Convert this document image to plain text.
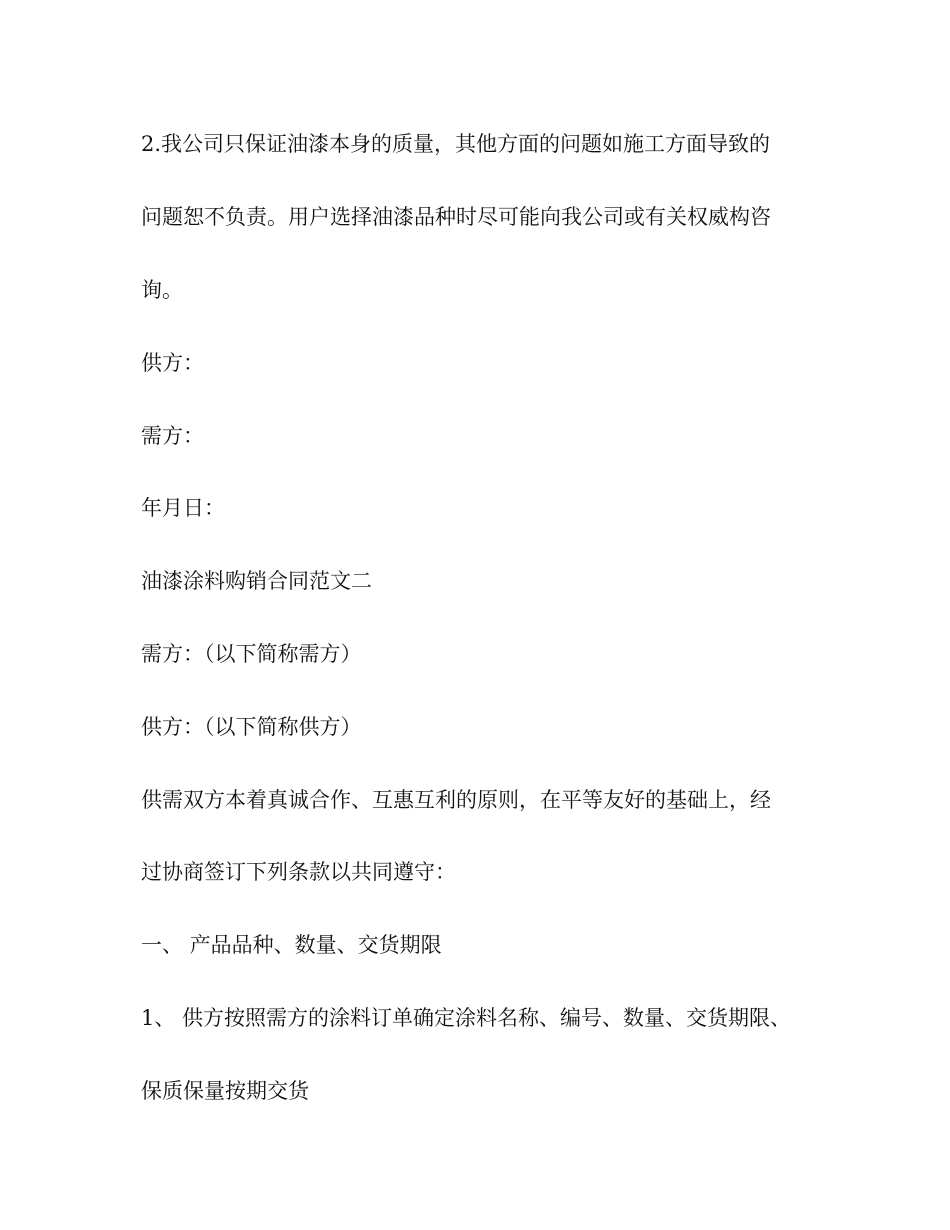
2.我公司只保证油漆本身的质量，其他方面的问题如施工方面导致的
问题恕不负责。用户选择油漆品种时尽可能向我公司或有关权威构咨
询。
供方：
需方：
年月日：
油漆涂料购销合同范文二
需方：（以下简称需方）
供方：（以下简称供方）
供需双方本着真诚合作、互惠互利的原则，在平等友好的基础上，经
过协商签订下列条款以共同遵守：
一、 产品品种、数量、交货期限
1、 供方按照需方的涂料订单确定涂料名称、编号、数量、交货期限、
保质保量按期交货
